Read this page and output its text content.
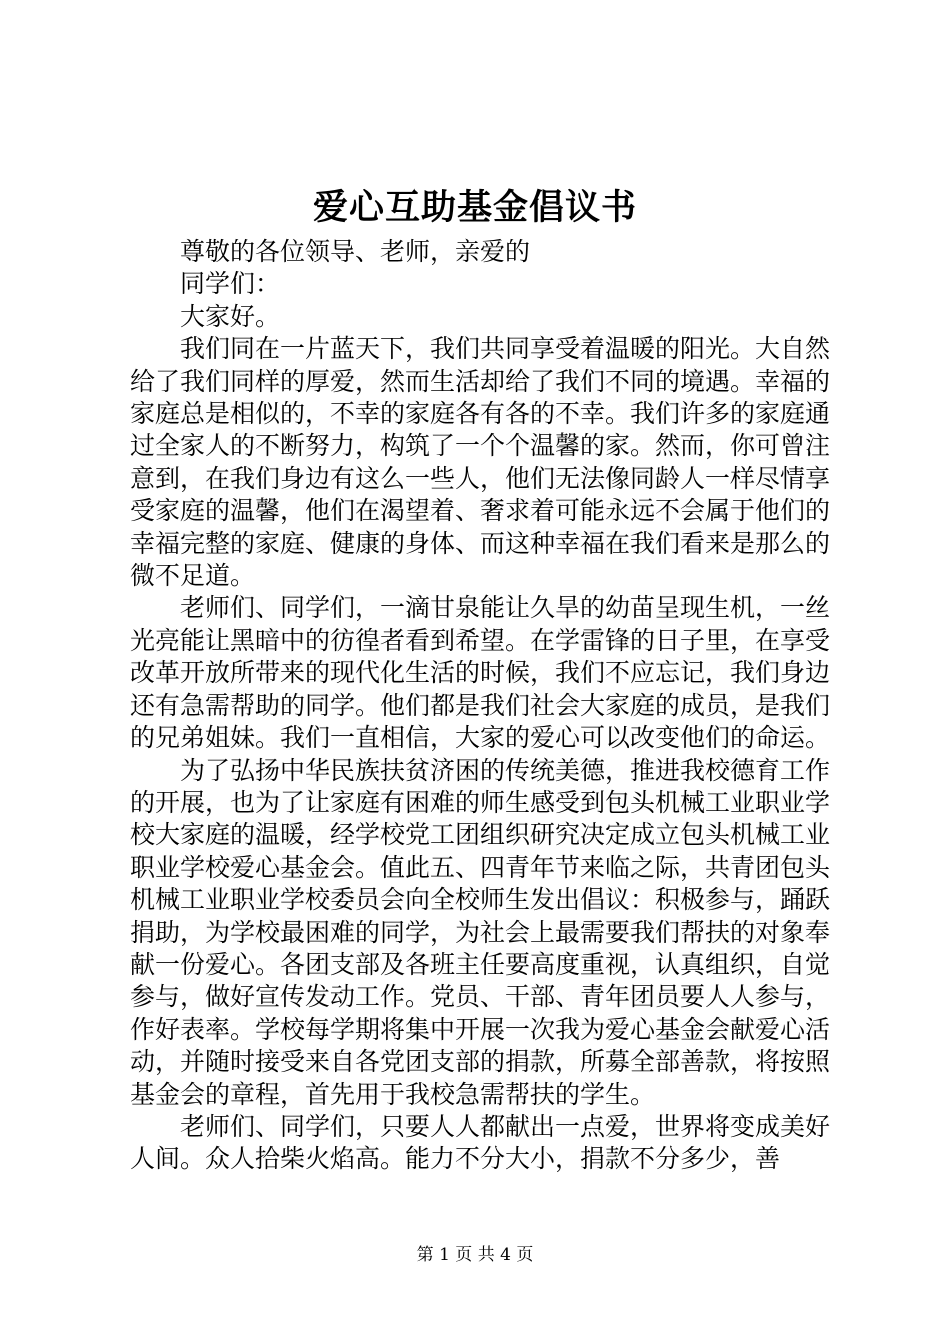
爱心互助基金倡议书

尊敬的各位领导、老师，亲爱的

同学们：

大家好。

我们同在一片蓝天下，我们共同享受着温暖的阳光。大自然给了我们同样的厚爱，然而生活却给了我们不同的境遇。幸福的家庭总是相似的，不幸的家庭各有各的不幸。我们许多的家庭通过全家人的不断努力，构筑了一个个温馨的家。然而，你可曾注意到，在我们身边有这么一些人，他们无法像同龄人一样尽情享受家庭的温馨，他们在渴望着、奢求着可能永远不会属于他们的幸福完整的家庭、健康的身体、而这种幸福在我们看来是那么的微不足道。

老师们、同学们，一滴甘泉能让久旱的幼苗呈现生机，一丝光亮能让黑暗中的彷徨者看到希望。在学雷锋的日子里，在享受改革开放所带来的现代化生活的时候，我们不应忘记，我们身边还有急需帮助的同学。他们都是我们社会大家庭的成员，是我们的兄弟姐妹。我们一直相信，大家的爱心可以改变他们的命运。

为了弘扬中华民族扶贫济困的传统美德，推进我校德育工作的开展，也为了让家庭有困难的师生感受到包头机械工业职业学校大家庭的温暖，经学校党工团组织研究决定成立包头机械工业职业学校爱心基金会。值此五、四青年节来临之际，共青团包头机械工业职业学校委员会向全校师生发出倡议：积极参与，踊跃捐助，为学校最困难的同学，为社会上最需要我们帮扶的对象奉献一份爱心。各团支部及各班主任要高度重视，认真组织，自觉参与，做好宣传发动工作。党员、干部、青年团员要人人参与，作好表率。学校每学期将集中开展一次我为爱心基金会献爱心活动，并随时接受来自各党团支部的捐款，所募全部善款，将按照基金会的章程，首先用于我校急需帮扶的学生。

老师们、同学们，只要人人都献出一点爱，世界将变成美好人间。众人拾柴火焰高。能力不分大小，捐款不分多少，善

第 1 页 共 4 页
